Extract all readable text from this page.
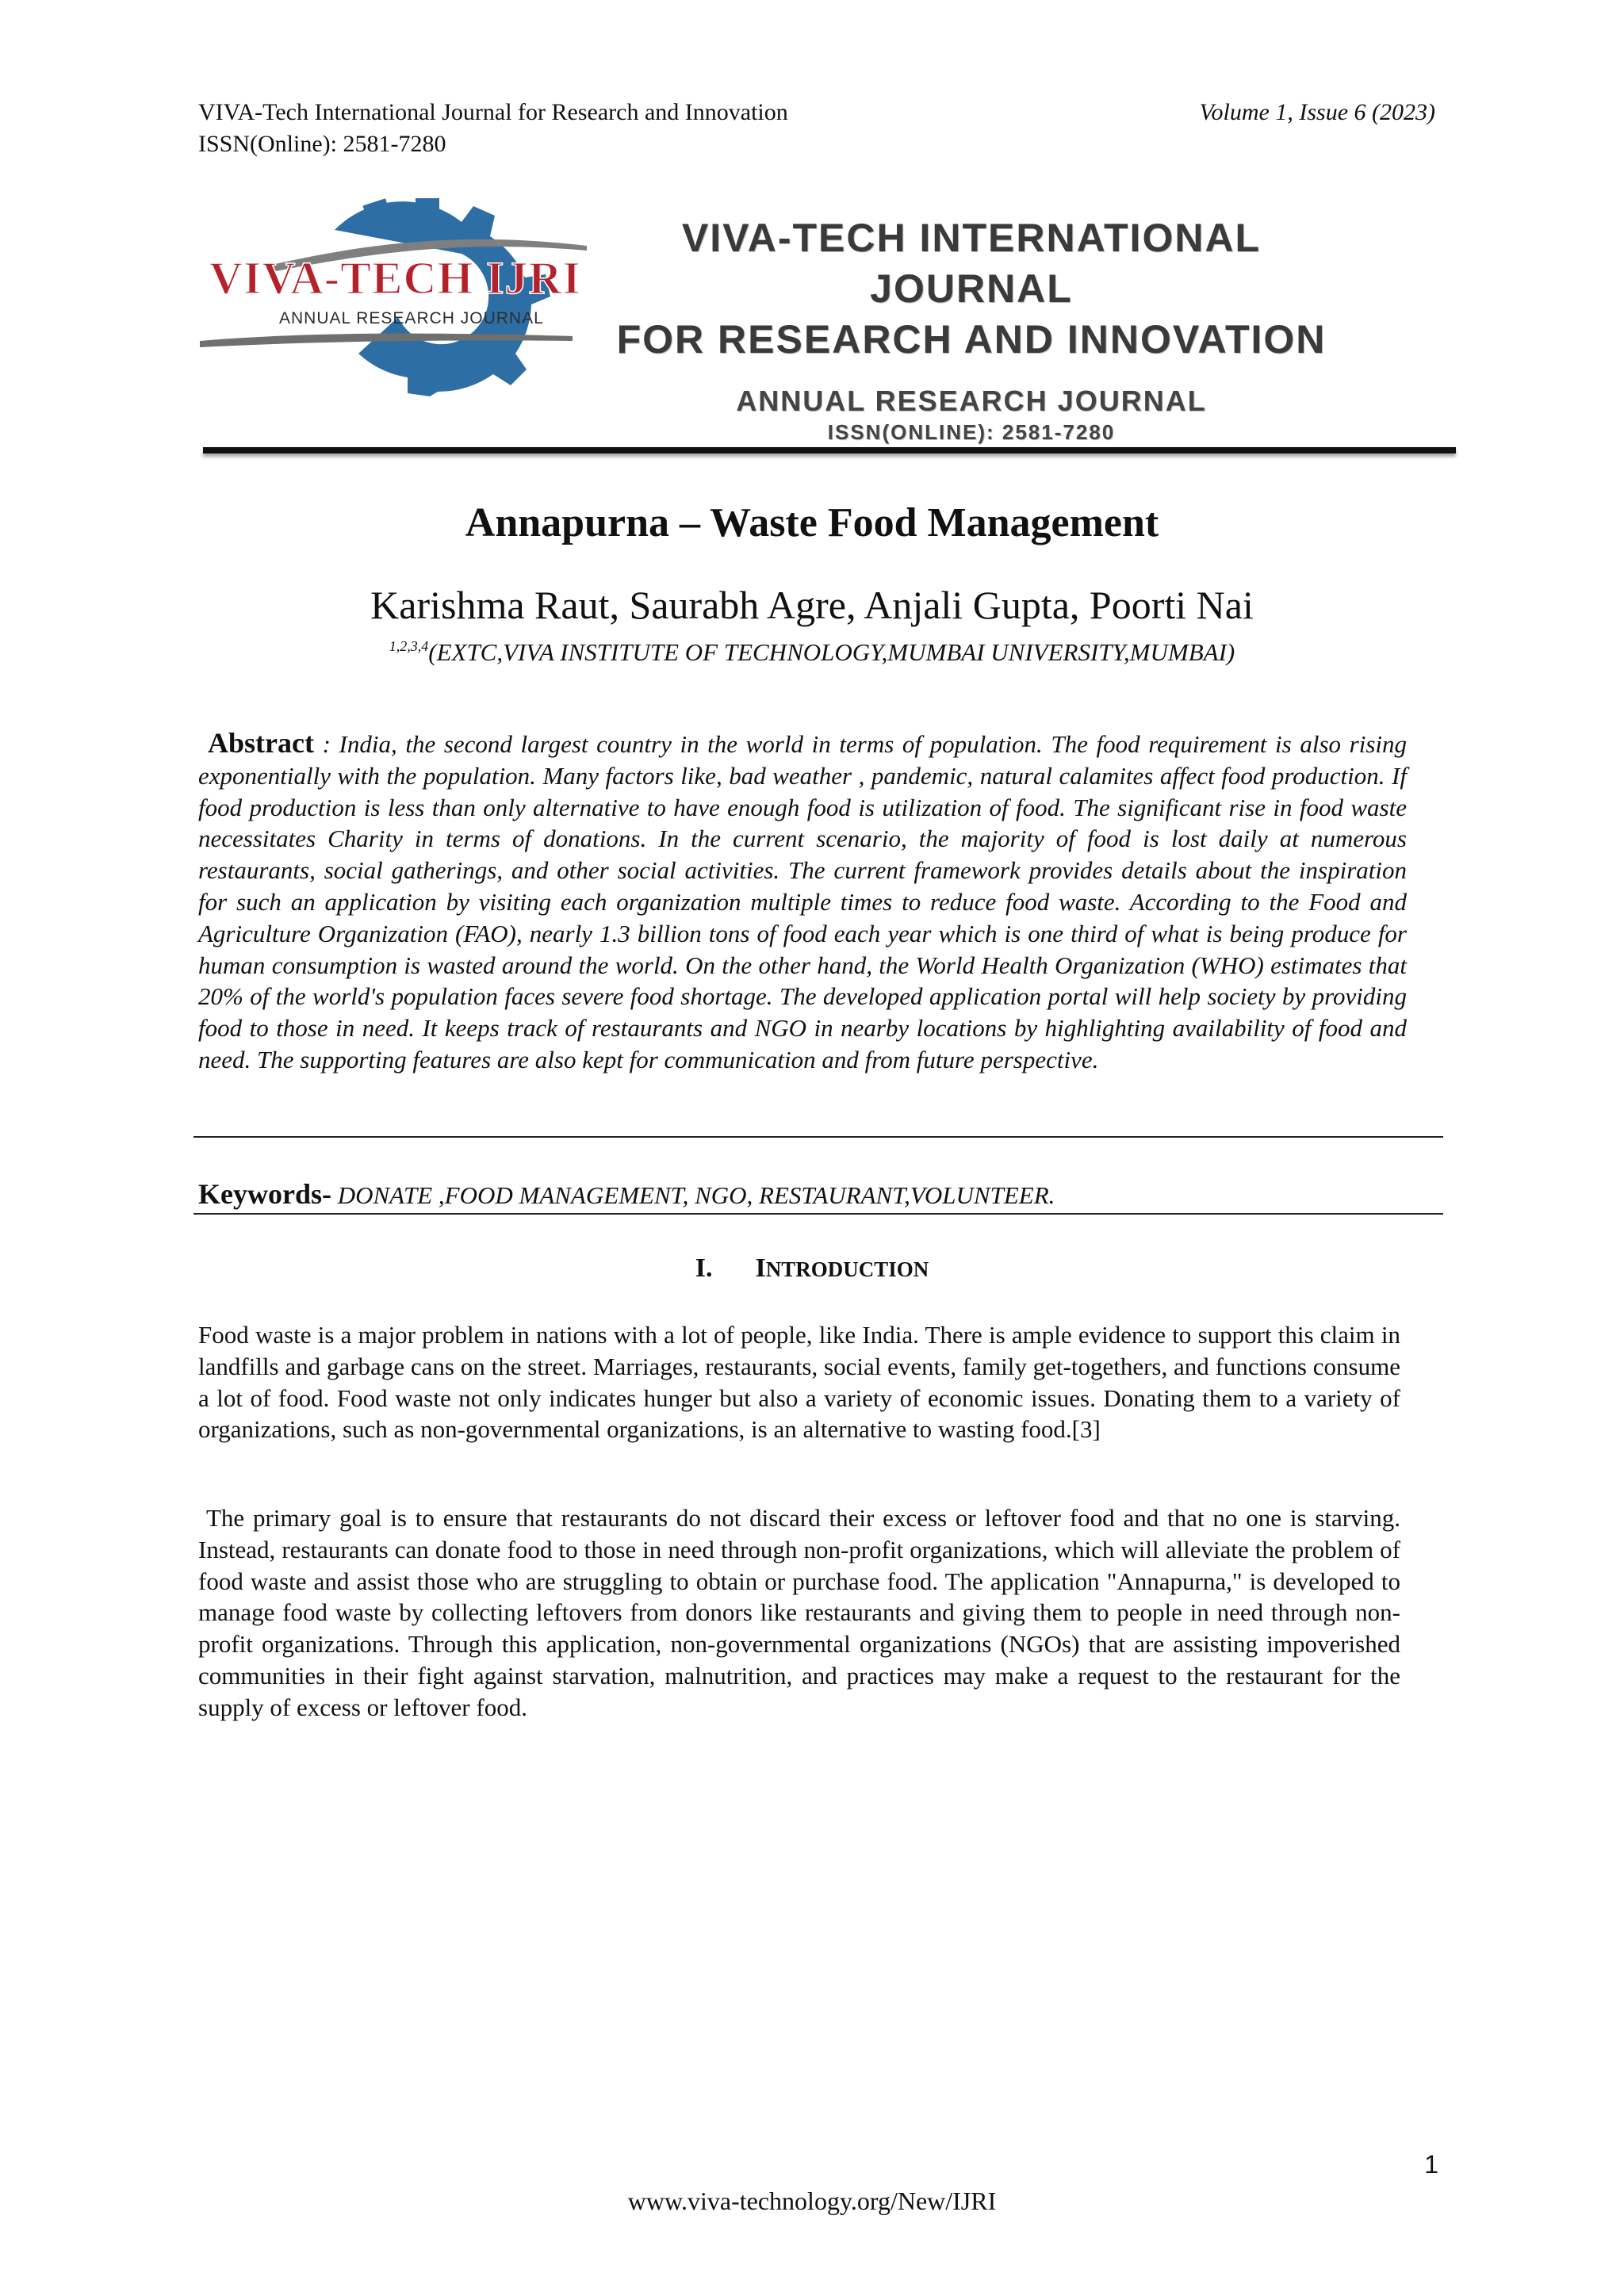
VIVA-Tech International Journal for Research and Innovation
ISSN(Online): 2581-7280
Volume 1, Issue 6 (2023)
VIVA-TECH IJRI
ANNUAL RESEARCH JOURNAL
VIVA-TECH INTERNATIONAL JOURNAL
FOR RESEARCH AND INNOVATION
ANNUAL RESEARCH JOURNAL
ISSN(ONLINE): 2581-7280
Annapurna – Waste Food Management
Karishma Raut, Saurabh Agre, Anjali Gupta, Poorti Nai
$^{1,2,3,4}$(EXTC,VIVA INSTITUTE OF TECHNOLOGY,MUMBAI UNIVERSITY,MUMBAI)
Abstract : India, the second largest country in the world in terms of population. The food requirement is also rising exponentially with the population. Many factors like, bad weather , pandemic, natural calamites affect food production. If food production is less than only alternative to have enough food is utilization of food. The significant rise in food waste necessitates Charity in terms of donations. In the current scenario, the majority of food is lost daily at numerous restaurants, social gatherings, and other social activities. The current framework provides details about the inspiration for such an application by visiting each organization multiple times to reduce food waste. According to the Food and Agriculture Organization (FAO), nearly 1.3 billion tons of food each year which is one third of what is being produce for human consumption is wasted around the world. On the other hand, the World Health Organization (WHO) estimates that 20% of the world's population faces severe food shortage. The developed application portal will help society by providing food to those in need. It keeps track of restaurants and NGO in nearby locations by highlighting availability of food and need. The supporting features are also kept for communication and from future perspective.
Keywords- DONATE ,FOOD MANAGEMENT, NGO, RESTAURANT,VOLUNTEER.
I. INTRODUCTION
Food waste is a major problem in nations with a lot of people, like India. There is ample evidence to support this claim in landfills and garbage cans on the street. Marriages, restaurants, social events, family get-togethers, and functions consume a lot of food. Food waste not only indicates hunger but also a variety of economic issues. Donating them to a variety of organizations, such as non-governmental organizations, is an alternative to wasting food.[3]
The primary goal is to ensure that restaurants do not discard their excess or leftover food and that no one is starving. Instead, restaurants can donate food to those in need through non-profit organizations, which will alleviate the problem of food waste and assist those who are struggling to obtain or purchase food. The application "Annapurna," is developed to manage food waste by collecting leftovers from donors like restaurants and giving them to people in need through non-profit organizations. Through this application, non-governmental organizations (NGOs) that are assisting impoverished communities in their fight against starvation, malnutrition, and practices may make a request to the restaurant for the supply of excess or leftover food.
1
www.viva-technology.org/New/IJRI
